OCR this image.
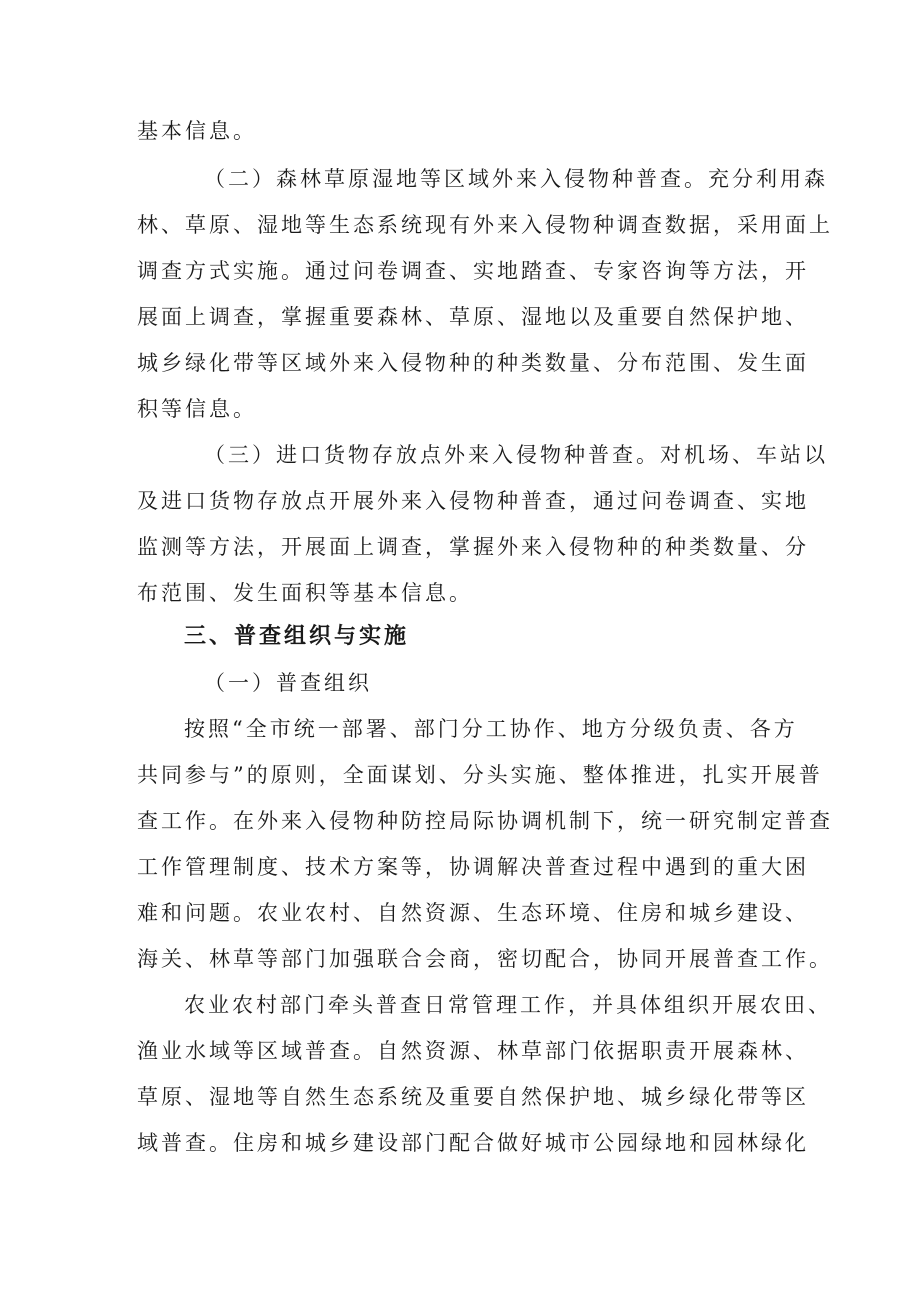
基本信息。
（二）森林草原湿地等区域外来入侵物种普查。充分利用森
林、草原、湿地等生态系统现有外来入侵物种调查数据，采用面上
调查方式实施。通过问卷调查、实地踏查、专家咨询等方法，开
展面上调查，掌握重要森林、草原、湿地以及重要自然保护地、
城乡绿化带等区域外来入侵物种的种类数量、分布范围、发生面
积等信息。
（三）进口货物存放点外来入侵物种普查。对机场、车站以
及进口货物存放点开展外来入侵物种普查，通过问卷调查、实地
监测等方法，开展面上调查，掌握外来入侵物种的种类数量、分
布范围、发生面积等基本信息。
三、普查组织与实施
（一）普查组织
按照“全市统一部署、部门分工协作、地方分级负责、各方
共同参与”的原则，全面谋划、分头实施、整体推进，扎实开展普
查工作。在外来入侵物种防控局际协调机制下，统一研究制定普查
工作管理制度、技术方案等，协调解决普查过程中遇到的重大困
难和问题。农业农村、自然资源、生态环境、住房和城乡建设、
海关、林草等部门加强联合会商，密切配合，协同开展普查工作。
农业农村部门牵头普查日常管理工作，并具体组织开展农田、
渔业水域等区域普查。自然资源、林草部门依据职责开展森林、
草原、湿地等自然生态系统及重要自然保护地、城乡绿化带等区
域普查。住房和城乡建设部门配合做好城市公园绿地和园林绿化
